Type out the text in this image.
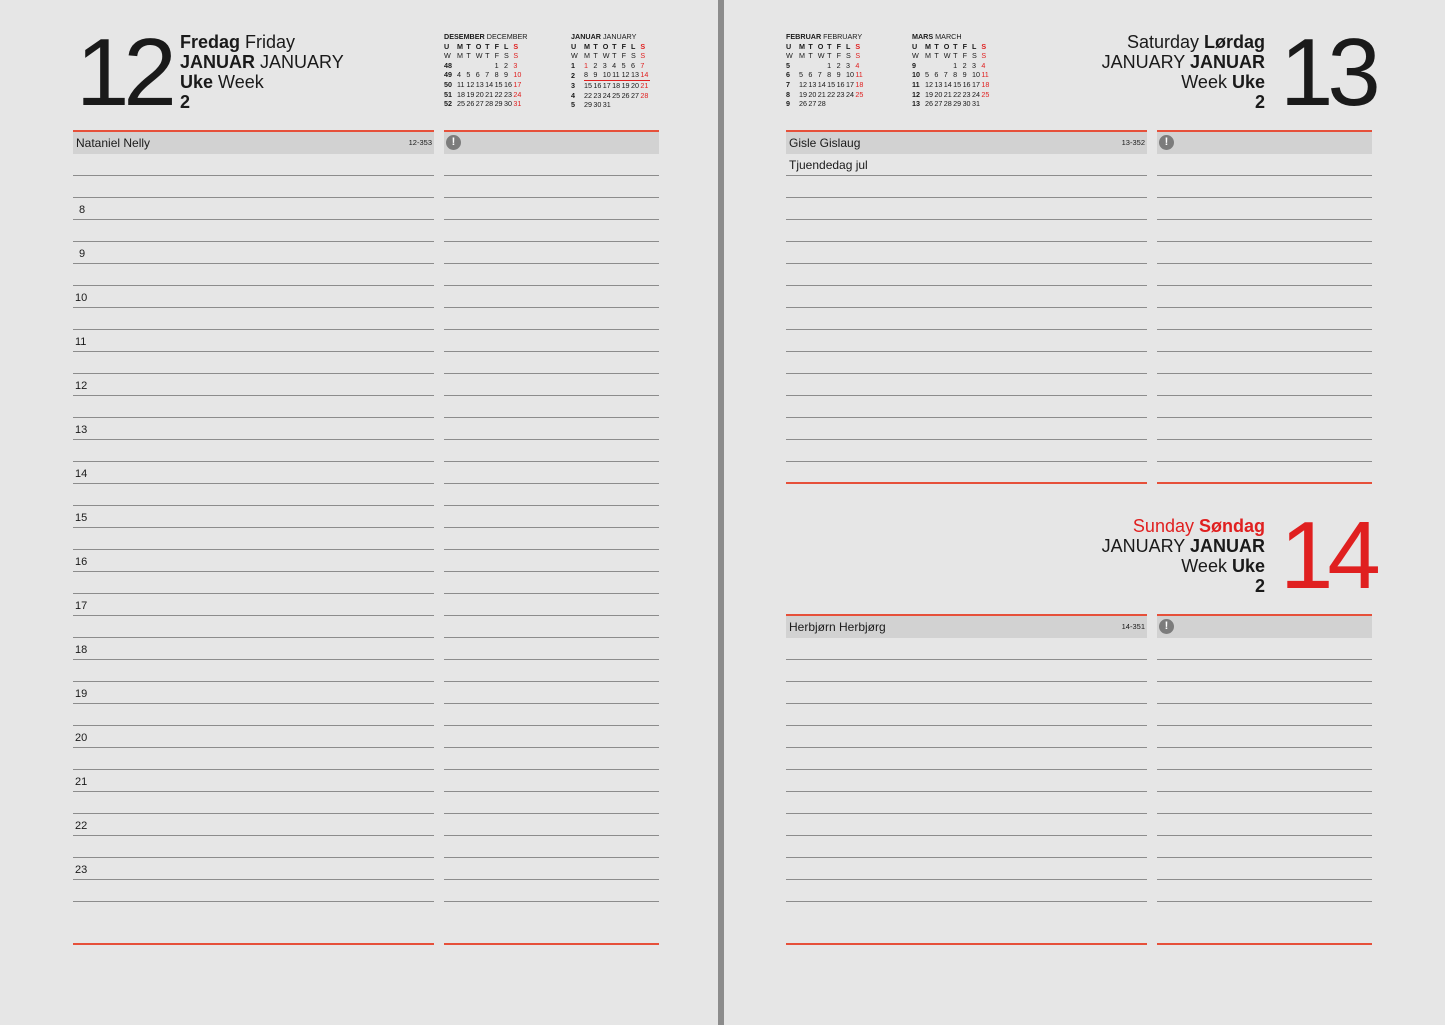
12 Fredag Friday
JANUAR JANUARY
Uke Week
2
DESEMBER DECEMBER
U	M	T	O	T	F	L	S
W	M	T	W	T	F	S	S
48					1	2	3
49	4	5	6	7	8	9	10
50	11	12	13	14	15	16	17
51	18	19	20	21	22	23	24
52	25	26	27	28	29	30	31
JANUAR JANUARY
U	M	T	O	T	F	L	S
W	M	T	W	T	F	S	S
1	1	2	3	4	5	6	7
2	8	9	10	11	12	13	14
3	15	16	17	18	19	20	21
4	22	23	24	25	26	27	28
5	29	30	31				
Nataniel Nelly	12-353	!
8
9
10
11
12
13
14
15
16
17
18
19
20
21
22
23
FEBRUAR FEBRUARY
U	M	T	O	T	F	L	S
W	M	T	W	T	F	S	S
5				1	2	3	4
6	5	6	7	8	9	10	11
7	12	13	14	15	16	17	18
8	19	20	21	22	23	24	25
9	26	27	28				
MARS MARCH
U	M	T	O	T	F	L	S
W	M	T	W	T	F	S	S
9				1	2	3	4
10	5	6	7	8	9	10	11
11	12	13	14	15	16	17	18
12	19	20	21	22	23	24	25
13	26	27	28	29	30	31	
Saturday Lørdag
JANUARY JANUAR
Week Uke
2 13
Gisle Gislaug	13-352	!
Tjuendedag jul
Sunday Søndag
JANUARY JANUAR
Week Uke
2 14
Herbjørn Herbjørg	14-351	!
